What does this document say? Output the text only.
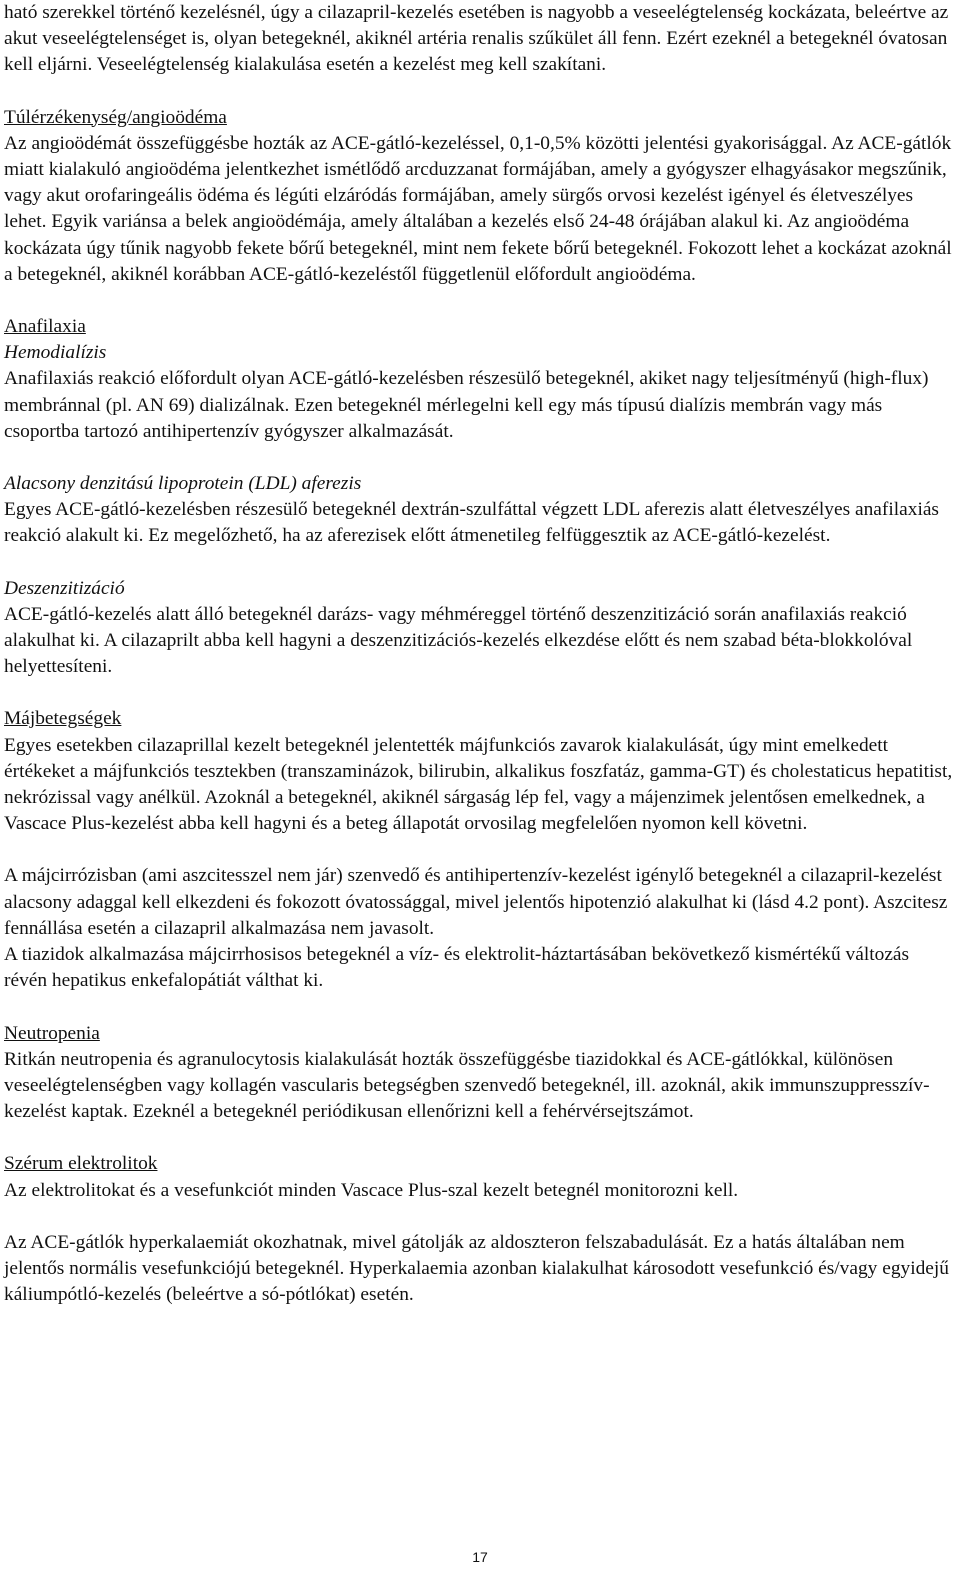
ható szerekkel történő kezelésnél, úgy a cilazapril-kezelés esetében is nagyobb a veseelégtelenség kockázata, beleértve az akut veseelégtelenséget is, olyan betegeknél, akiknél artéria renalis szűkület áll fenn. Ezért ezeknél a betegeknél óvatosan kell eljárni. Veseelégtelenség kialakulása esetén a kezelést meg kell szakítani.

Túlérzékenység/angioödéma

Az angioödémát összefüggésbe hozták az ACE-gátló-kezeléssel, 0,1-0,5% közötti jelentési gyakorisággal. Az ACE-gátlók miatt kialakuló angioödéma jelentkezhet ismétlődő arcduzzanat formájában, amely a gyógyszer elhagyásakor megszűnik, vagy akut orofaringeális ödéma és légúti elzáródás formájában, amely sürgős orvosi kezelést igényel és életveszélyes lehet. Egyik variánsa a belek angioödémája, amely általában a kezelés első 24-48 órájában alakul ki. Az angioödéma kockázata úgy tűnik nagyobb fekete bőrű betegeknél, mint nem fekete bőrű betegeknél. Fokozott lehet a kockázat azoknál a betegeknél, akiknél korábban ACE-gátló-kezeléstől függetlenül előfordult angioödéma.

Anafilaxia
Hemodialízis

Anafilaxiás reakció előfordult olyan ACE-gátló-kezelésben részesülő betegeknél, akiket nagy teljesítményű (high-flux) membránnal (pl. AN 69) dializálnak. Ezen betegeknél mérlegelni kell egy más típusú dialízis membrán vagy más csoportba tartozó antihipertenzív gyógyszer alkalmazását.

Alacsony denzitású lipoprotein (LDL) aferezis

Egyes ACE-gátló-kezelésben részesülő betegeknél dextrán-szulfáttal végzett LDL aferezis alatt életveszélyes anafilaxiás reakció alakult ki. Ez megelőzhető, ha az aferezisek előtt átmenetileg felfüggesztik az ACE-gátló-kezelést.

Deszenzitizáció

ACE-gátló-kezelés alatt álló betegeknél darázs- vagy méhméreggel történő deszenzitizáció során anafilaxiás reakció alakulhat ki. A cilazaprilt abba kell hagyni a deszenzitizációs-kezelés elkezdése előtt és nem szabad béta-blokkolóval helyettesíteni.

Májbetegségek

Egyes esetekben cilazaprillal kezelt betegeknél jelentették májfunkciós zavarok kialakulását, úgy mint emelkedett értékeket a májfunkciós tesztekben (transzaminázok, bilirubin, alkalikus foszfatáz, gamma-GT) és cholestaticus hepatitist, nekrózissal vagy anélkül. Azoknál a betegeknél, akiknél sárgaság lép fel, vagy a májenzimek jelentősen emelkednek, a Vascace Plus-kezelést abba kell hagyni és a beteg állapotát orvosilag megfelelően nyomon kell követni.

A májcirrózisban (ami aszcitesszel nem jár) szenvedő és antihipertenzív-kezelést igénylő betegeknél a cilazapril-kezelést alacsony adaggal kell elkezdeni és fokozott óvatossággal, mivel jelentős hipotenzió alakulhat ki (lásd 4.2 pont). Aszcitesz fennállása esetén a cilazapril alkalmazása nem javasolt.

A tiazidok alkalmazása májcirrhosisos betegeknél a víz- és elektrolit-háztartásában bekövetkező kismértékű változás révén hepatikus enkefalopátiát válthat ki.

Neutropenia

Ritkán neutropenia és agranulocytosis kialakulását hozták összefüggésbe tiazidokkal és ACE-gátlókkal, különösen veseelégtelenségben vagy kollagén vascularis betegségben szenvedő betegeknél, ill. azoknál, akik immunszuppresszív-kezelést kaptak. Ezeknél a betegeknél periódikusan ellenőrizni kell a fehérvérsejtszámot.

Szérum elektrolitok

Az elektrolitokat és a vesefunkciót minden Vascace Plus-szal kezelt betegnél monitorozni kell.

Az ACE-gátlók hyperkalaemiát okozhatnak, mivel gátolják az aldoszteron felszabadulását. Ez a hatás általában nem jelentős normális vesefunkciójú betegeknél. Hyperkalaemia azonban kialakulhat károsodott vesefunkció és/vagy egyidejű káliumpótló-kezelés (beleértve a só-pótlókat) esetén.

17
